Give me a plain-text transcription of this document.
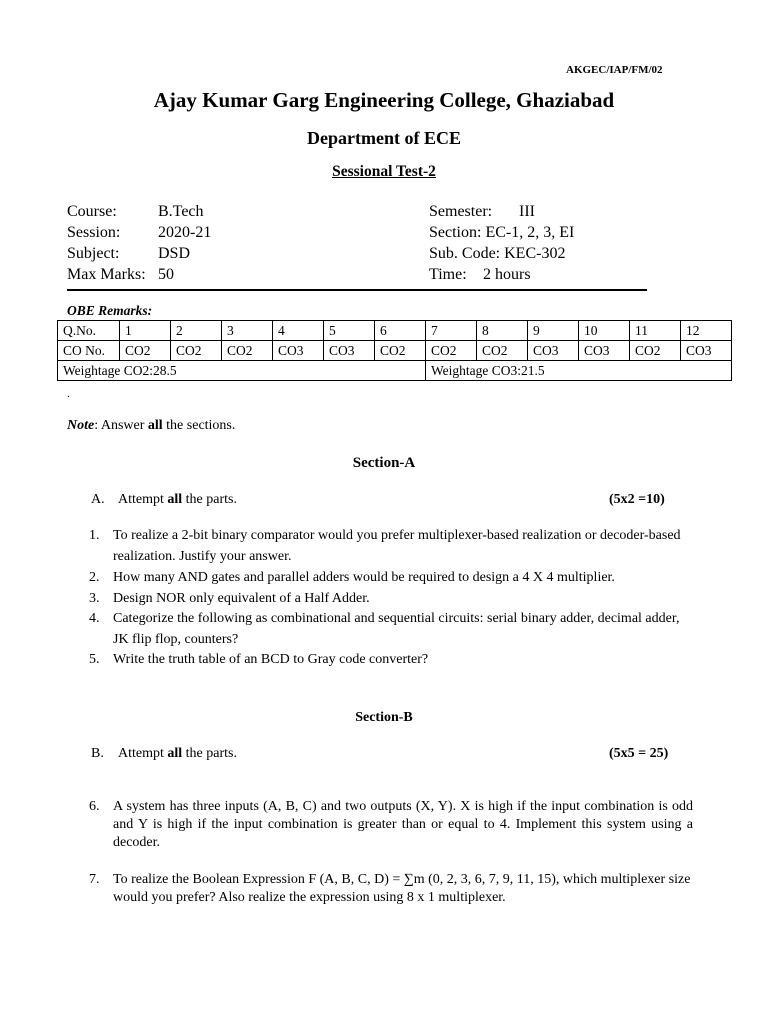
AKGEC/IAP/FM/02
Ajay Kumar Garg Engineering College, Ghaziabad
Department of ECE
Sessional Test-2
Course:	B.Tech
Session: 2020-21
Subject: DSD
Max Marks: 50
Semester: III
Section: EC-1, 2, 3, EI
Sub. Code: KEC-302
Time: 2 hours
OBE Remarks:
Q.No.	1	2	3	4	5	6	7	8	9	10	11	12
CO No.	CO2	CO2	CO2	CO3	CO3	CO2	CO2	CO2	CO3	CO3	CO2	CO3
Weightage CO2:28.5							Weightage CO3:21.5					
.
Note: Answer all the sections.
Section-A
A. Attempt all the parts.	(5x2 =10)
1. To realize a 2-bit binary comparator would you prefer multiplexer-based realization or decoder-based realization. Justify your answer.
2. How many AND gates and parallel adders would be required to design a 4 X 4 multiplier.
3. Design NOR only equivalent of a Half Adder.
4. Categorize the following as combinational and sequential circuits: serial binary adder, decimal adder, JK flip flop, counters?
5. Write the truth table of an BCD to Gray code converter?
Section-B
B. Attempt all the parts.	(5x5 = 25)
6. A system has three inputs (A, B, C) and two outputs (X, Y). X is high if the input combination is odd and Y is high if the input combination is greater than or equal to 4. Implement this system using a decoder.
7. To realize the Boolean Expression F (A, B, C, D) = ∑m (0, 2, 3, 6, 7, 9, 11, 15), which multiplexer size would you prefer? Also realize the expression using 8 x 1 multiplexer.
